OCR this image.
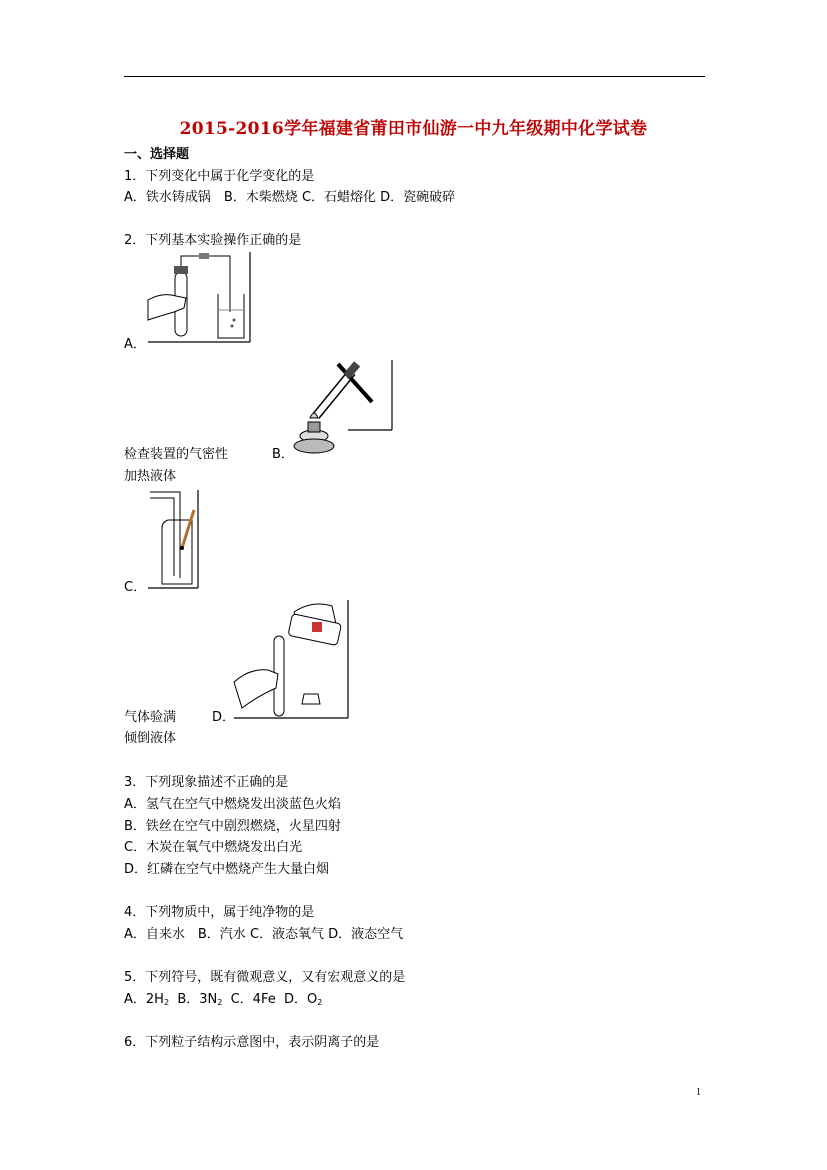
2015-2016学年福建省莆田市仙游一中九年级期中化学试卷
一、选择题
1．下列变化中属于化学变化的是
A．铁水铸成锅　B．木柴燃烧 C．石蜡熔化 D．瓷碗破碎
2．下列基本实验操作正确的是
A．
检查装置的气密性	B．
加热液体
C．
气体验满	D．
倾倒液体
3．下列现象描述不正确的是
A．氢气在空气中燃烧发出淡蓝色火焰
B．铁丝在空气中剧烈燃烧，火星四射
C．木炭在氧气中燃烧发出白光
D．红磷在空气中燃烧产生大量白烟
4．下列物质中，属于纯净物的是
A．自来水　B．汽水 C．液态氧气 D．液态空气
5．下列符号，既有微观意义，又有宏观意义的是
A．$2H_2$ B．$3N_2$ C．4Fe D．$O_2$
6．下列粒子结构示意图中，表示阴离子的是
1
